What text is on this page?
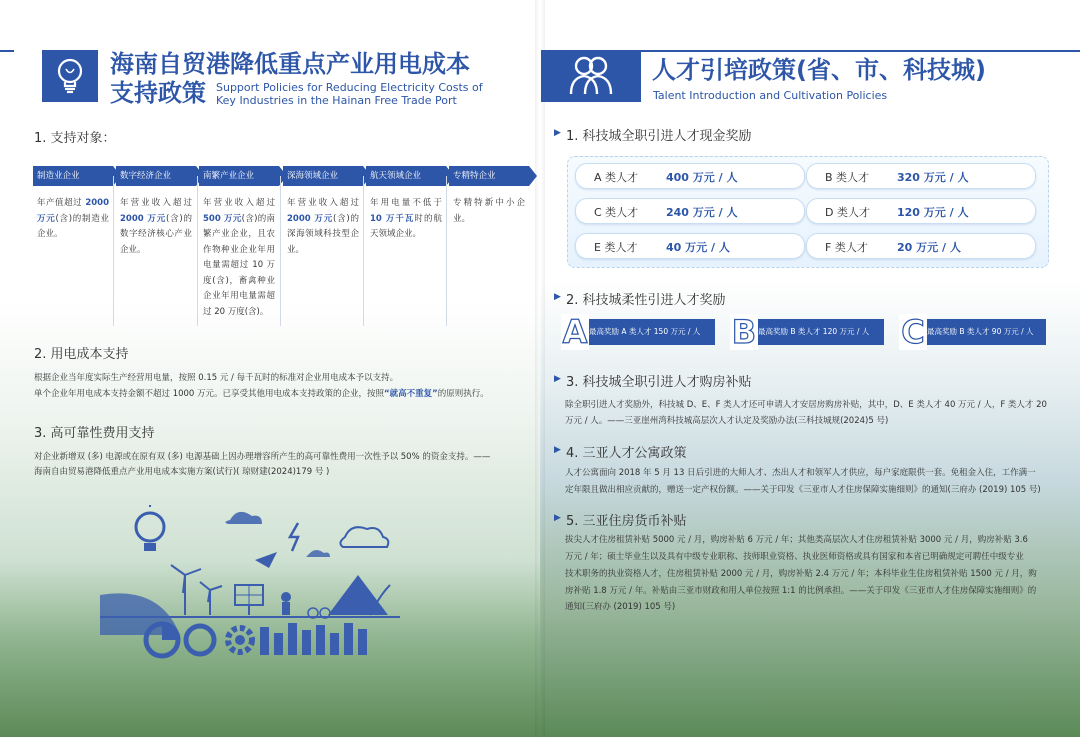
海南自贸港降低重点产业用电成本
支持政策 Support Policies for Reducing Electricity Costs of
Key Industries in the Hainan Free Trade Port
1. 支持对象：
制造业企业
年产值超过 2000 万元(含)的制造业企业。
数字经济企业
年营业收入超过 2000 万元(含)的数字经济核心产业企业。
南繁产业企业
年营业收入超过 500 万元(含)的南繁产业企业，且农作物种业企业年用电量需超过 10 万度(含)，畜禽种业企业年用电量需超过 20 万度(含)。
深海领域企业
年营业收入超过 2000 万元(含)的深海领域科技型企业。
航天领域企业
年用电量不低于 10 万千瓦时的航天领域企业。
专精特企业
专精特新中小企业。
2. 用电成本支持
根据企业当年度实际生产经营用电量，按照 0.15 元 / 每千瓦时的标准对企业用电成本予以支持。
单个企业年用电成本支持金额不超过 1000 万元。已享受其他用电成本支持政策的企业，按照“就高不重复”的原则执行。
3. 高可靠性费用支持
对企业新增双 (多) 电源或在原有双 (多) 电源基础上因办理增容所产生的高可靠性费用一次性予以 50% 的资金支持。——
海南自由贸易港降低重点产业用电成本实施方案(试行)( 琼财建(2024)179 号 )
人才引培政策(省、市、科技城)
Talent Introduction and Cultivation Policies
▶ 1. 科技城全职引进人才现金奖励
A 类人才	400 万元 / 人	B 类人才	320 万元 / 人
C 类人才	240 万元 / 人	D 类人才 120 万元 / 人
E 类人才	40 万元 / 人	F 类人才	20 万元 / 人
▶ 2. 科技城柔性引进人才奖励
A 最高奖励 A 类人才 150 万元 / 人 B 最高奖励 B 类人才 120 万元 / 人 C 最高奖励 B 类人才 90 万元 / 人
▶ 3. 科技城全职引进人才购房补贴
除全职引进人才奖励外，科技城 D、E、F 类人才还可申请人才安居房购房补贴，其中，D、E 类人才 40 万元 / 人，F 类人才 20
万元 / 人。——三亚崖州湾科技城高层次人才认定及奖励办法(三科技城规(2024)5 号)
▶ 4. 三亚人才公寓政策
人才公寓面向 2018 年 5 月 13 日后引进的大师人才、杰出人才和领军人才供应，每户家庭限供一套。免租金入住，工作满一
定年限且做出相应贡献的，赠送一定产权份额。——关于印发《三亚市人才住房保障实施细则》的通知(三府办 (2019) 105 号)
▶ 5. 三亚住房货币补贴
拔尖人才住房租赁补贴 5000 元 / 月，购房补贴 6 万元 / 年；其他类高层次人才住房租赁补贴 3000 元 / 月，购房补贴 3.6
万元 / 年；硕士毕业生以及具有中级专业职称、技师职业资格、执业医师资格或具有国家和本省已明确规定可聘任中级专业
技术职务的执业资格人才，住房租赁补贴 2000 元 / 月，购房补贴 2.4 万元 / 年；本科毕业生住房租赁补贴 1500 元 / 月，购
房补贴 1.8 万元 / 年。补贴由三亚市财政和用人单位按照 1:1 的比例承担。——关于印发《三亚市人才住房保障实施细则》的
通知(三府办 (2019) 105 号)
